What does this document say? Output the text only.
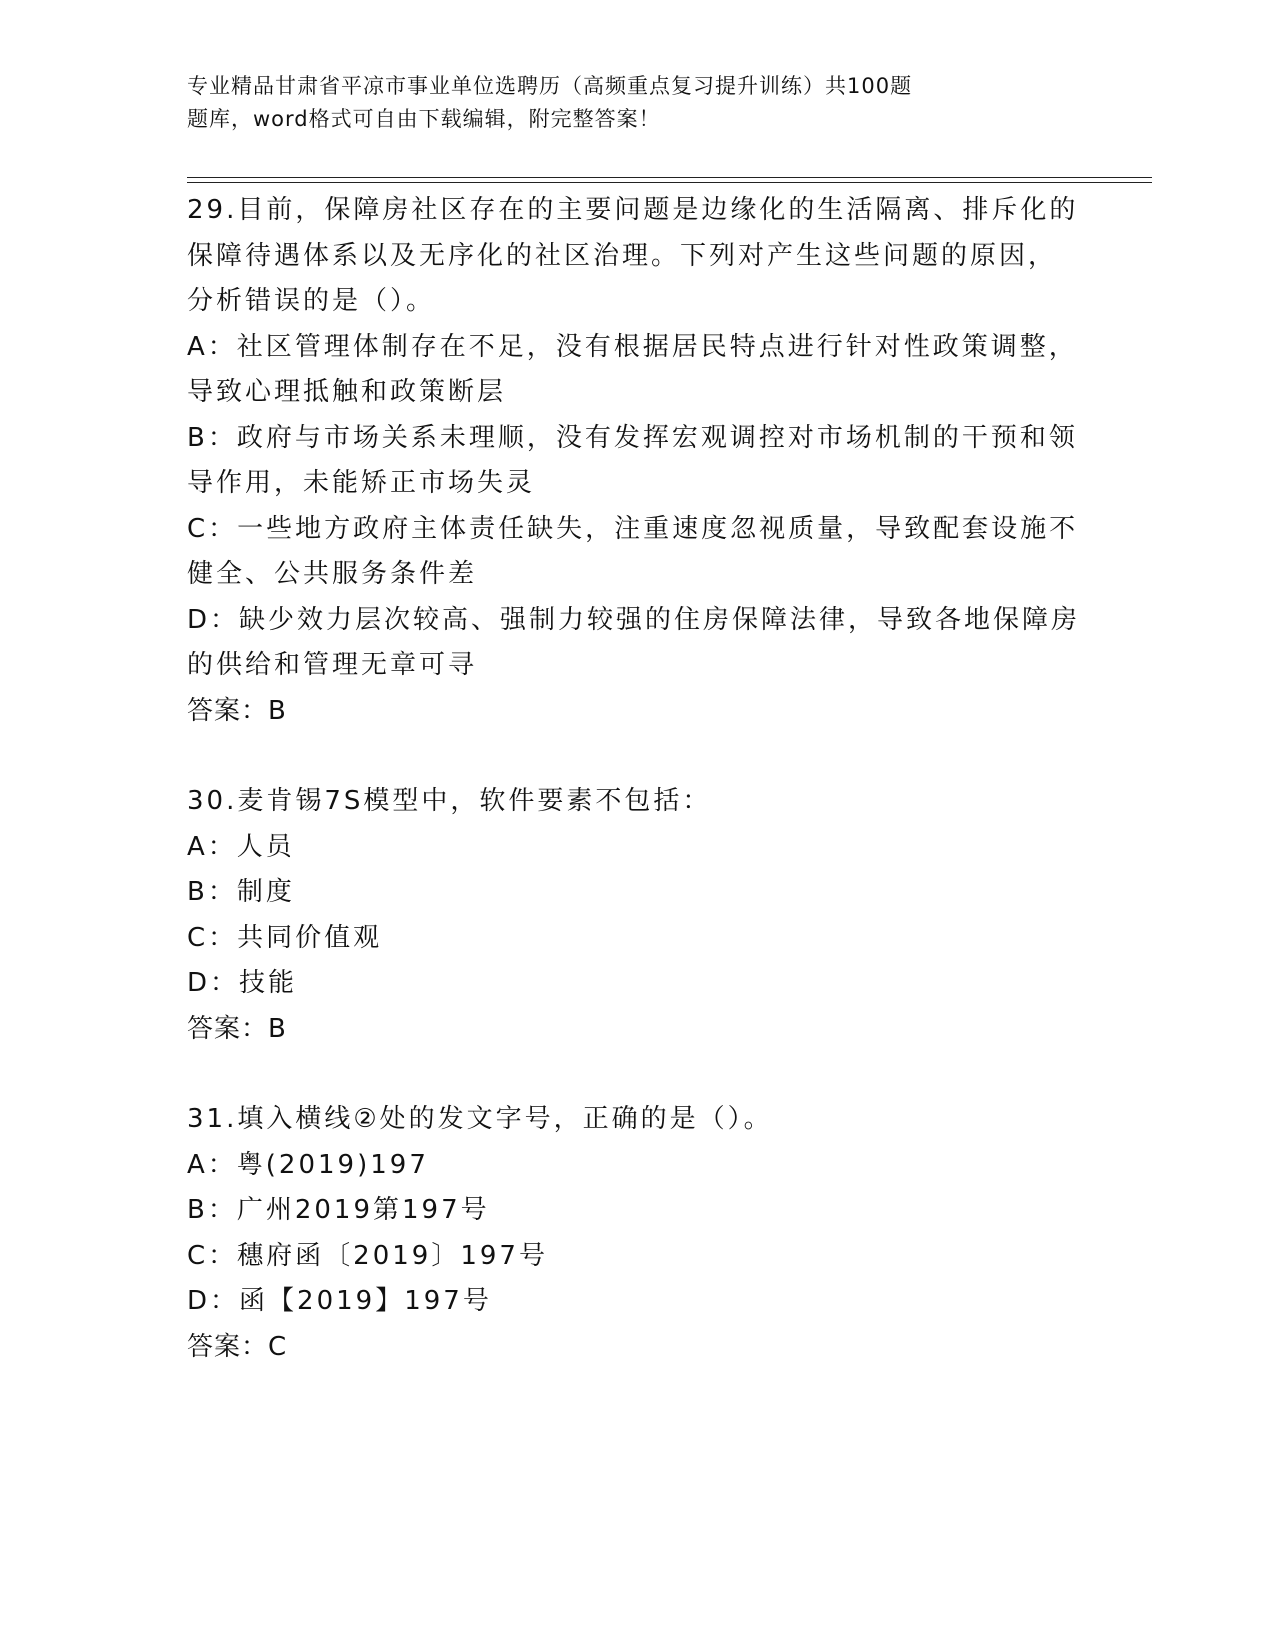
专业精品甘肃省平凉市事业单位选聘历（高频重点复习提升训练）共100题
题库，word格式可自由下载编辑，附完整答案！
29.目前，保障房社区存在的主要问题是边缘化的生活隔离、排斥化的
保障待遇体系以及无序化的社区治理。下列对产生这些问题的原因，
分析错误的是（）。
A：社区管理体制存在不足，没有根据居民特点进行针对性政策调整，
导致心理抵触和政策断层
B：政府与市场关系未理顺，没有发挥宏观调控对市场机制的干预和领
导作用，未能矫正市场失灵
C：一些地方政府主体责任缺失，注重速度忽视质量，导致配套设施不
健全、公共服务条件差
D：缺少效力层次较高、强制力较强的住房保障法律，导致各地保障房
的供给和管理无章可寻
答案：B
30.麦肯锡7S模型中，软件要素不包括：
A：人员
B：制度
C：共同价值观
D：技能
答案：B
31.填入横线②处的发文字号，正确的是（）。
A：粤(2019)197
B：广州2019第197号
C：穗府函〔2019〕197号
D：函【2019】197号
答案：C
